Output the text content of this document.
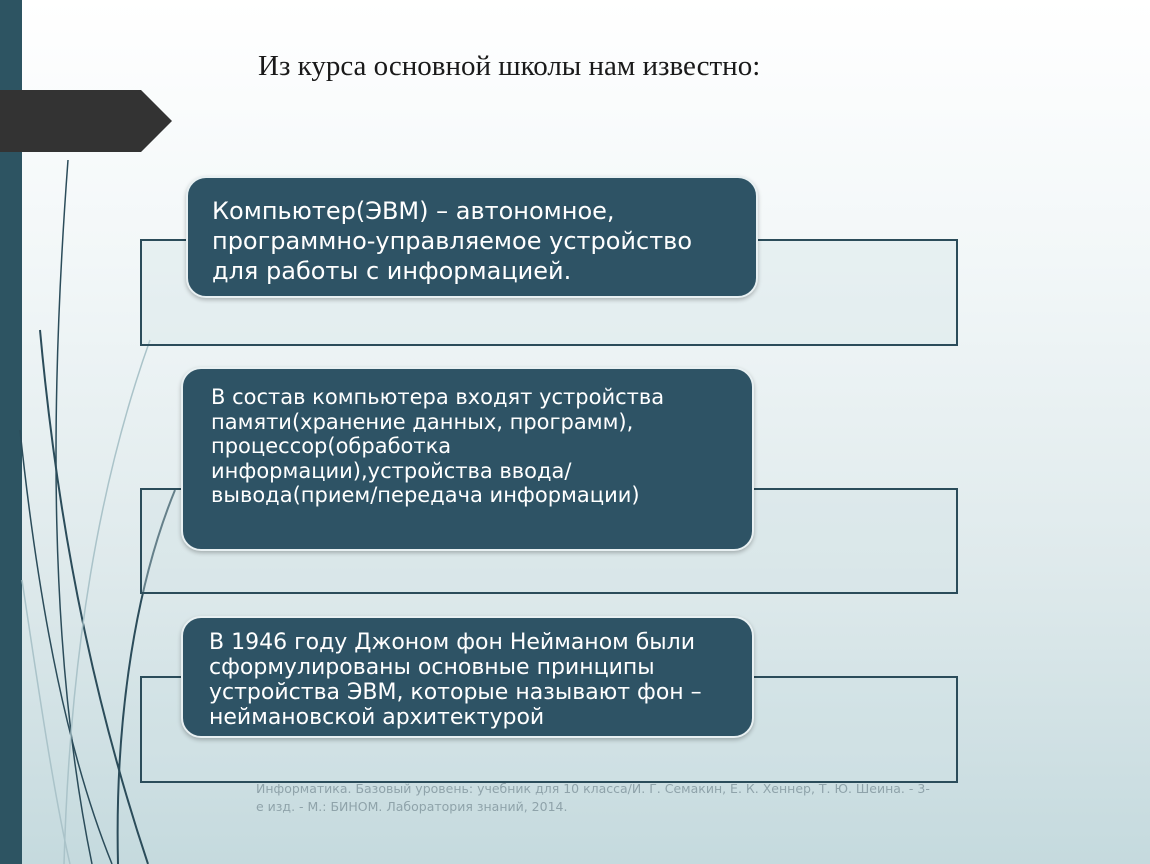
Из курса основной школы нам известно:
Компьютер(ЭВМ) – автономное, программно-управляемое устройство для работы с информацией.
В состав компьютера входят устройства памяти(хранение данных, программ), процессор(обработка информации),устройства ввода/вывода(прием/передача информации)
В 1946 году Джоном фон Нейманом были сформулированы основные принципы устройства ЭВМ, которые называют фон – неймановской архитектурой
Информатика. Базовый уровень: учебник для 10 класса/И. Г. Семакин, Е. К. Хеннер, Т. Ю. Шеина. - 3-е изд. - М.: БИНОМ. Лаборатория знаний, 2014.
